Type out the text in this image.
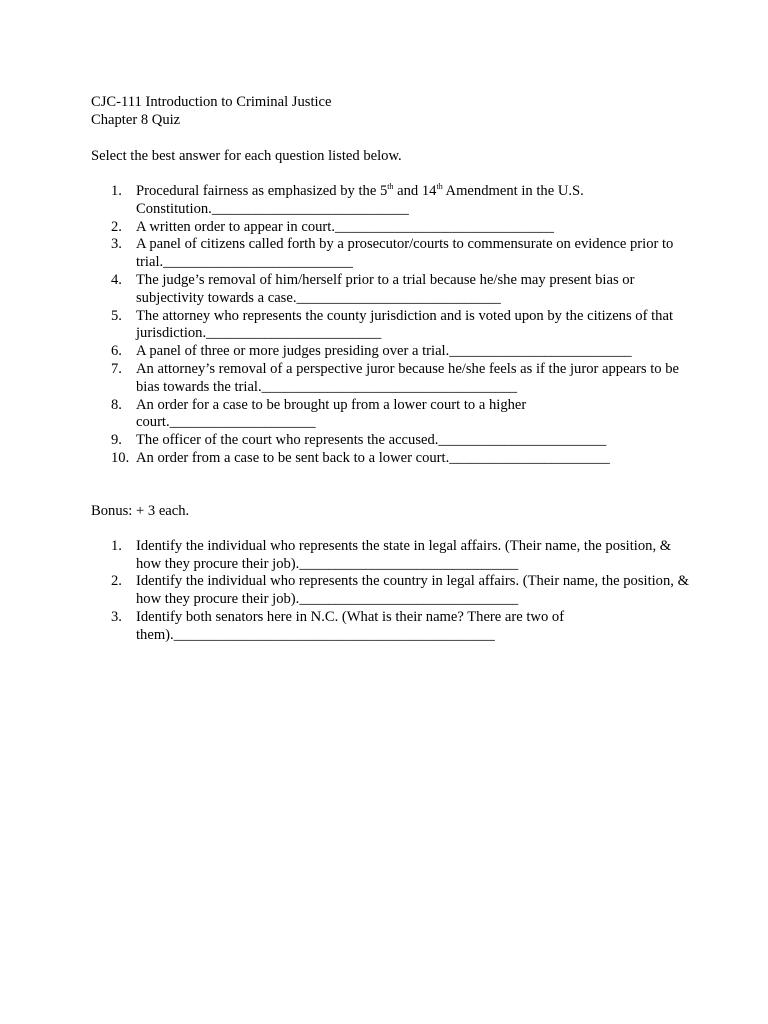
CJC-111 Introduction to Criminal Justice
Chapter 8 Quiz
Select the best answer for each question listed below.
1. Procedural fairness as emphasized by the 5th and 14th Amendment in the U.S. Constitution.___________________________
2. A written order to appear in court.______________________________
3. A panel of citizens called forth by a prosecutor/courts to commensurate on evidence prior to trial.__________________________
4. The judge’s removal of him/herself prior to a trial because he/she may present bias or subjectivity towards a case.____________________________
5. The attorney who represents the county jurisdiction and is voted upon by the citizens of that jurisdiction.________________________
6. A panel of three or more judges presiding over a trial._________________________
7. An attorney’s removal of a perspective juror because he/she feels as if the juror appears to be bias towards the trial.___________________________________
8. An order for a case to be brought up from a lower court to a higher court.____________________
9. The officer of the court who represents the accused._______________________
10. An order from a case to be sent back to a lower court.______________________
Bonus: + 3 each.
1. Identify the individual who represents the state in legal affairs. (Their name, the position, & how they procure their job).______________________________
2. Identify the individual who represents the country in legal affairs. (Their name, the position, & how they procure their job).______________________________
3. Identify both senators here in N.C. (What is their name? There are two of them).____________________________________________
